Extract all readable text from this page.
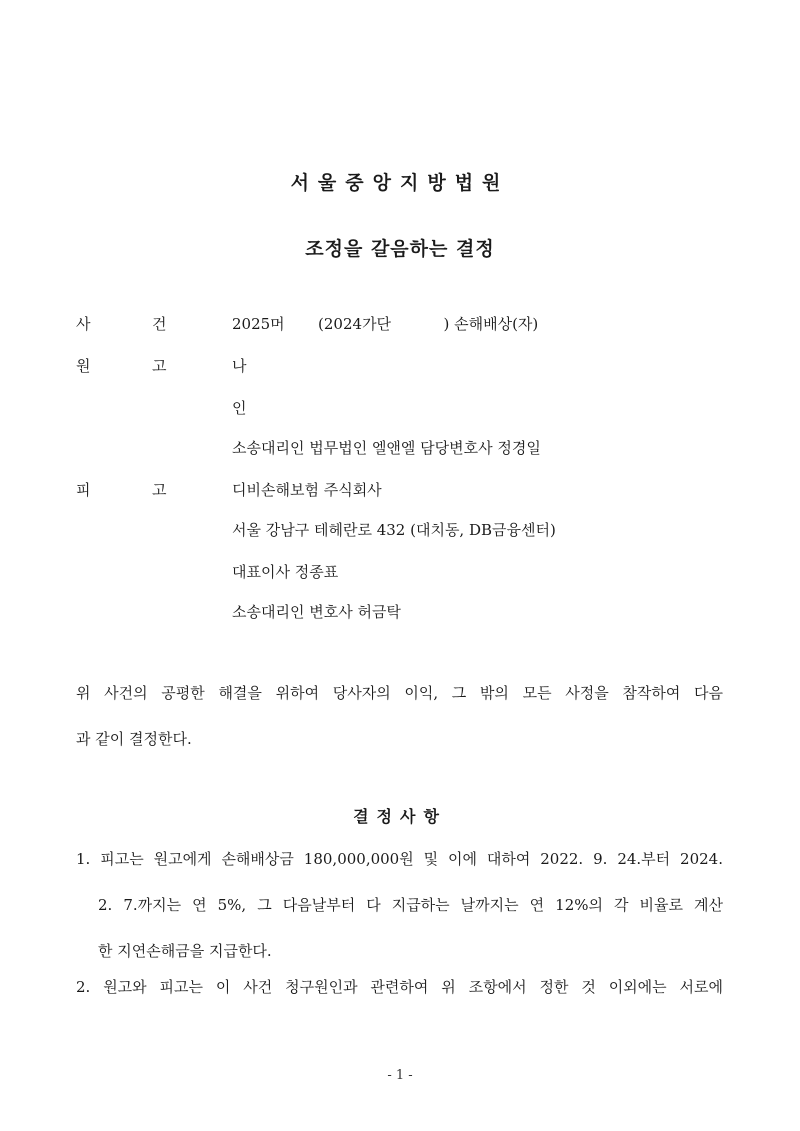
서울중앙지방법원
조정을 갈음하는 결정
사	건	2025머       (2024가단           ) 손해배상(자)
원	고	나
인
소송대리인 법무법인 엘앤엘 담당변호사 정경일
피	고	디비손해보험 주식회사
서울 강남구 테헤란로 432 (대치동, DB금융센터)
대표이사 정종표
소송대리인 변호사 허금탁
위 사건의 공평한 해결을 위하여 당사자의 이익, 그 밖의 모든 사정을 참작하여 다음
과 같이 결정한다.
결정사항
1. 피고는 원고에게 손해배상금 180,000,000원 및 이에 대하여 2022. 9. 24.부터 2024.
2. 7.까지는 연 5%, 그 다음날부터 다 지급하는 날까지는 연 12%의 각 비율로 계산
한 지연손해금을 지급한다.
2. 원고와 피고는 이 사건 청구원인과 관련하여 위 조항에서 정한 것 이외에는 서로에
- 1 -
